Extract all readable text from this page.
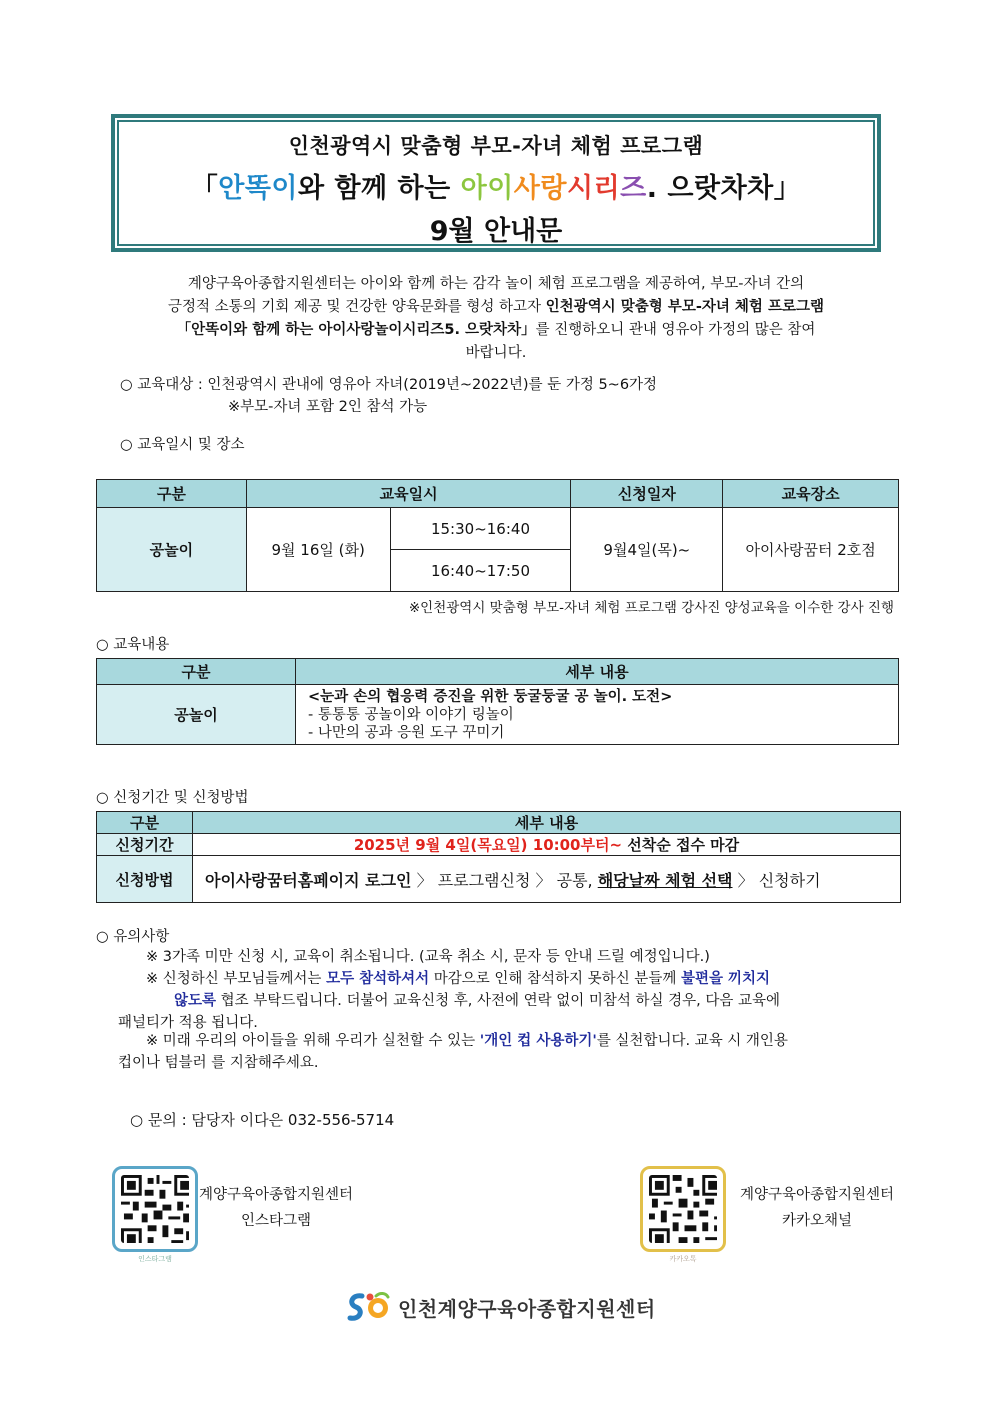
인천광역시 맞춤형 부모-자녀 체험 프로그램
「안똑이와 함께 하는 아이사랑시리즈. 으랏차차」
9월 안내문
계양구육아종합지원센터는 아이와 함께 하는 감각 놀이 체험 프로그램을 제공하여, 부모-자녀 간의
긍정적 소통의 기회 제공 및 건강한 양육문화를 형성 하고자 인천광역시 맞춤형 부모-자녀 체험 프로그램
「안똑이와 함께 하는 아이사랑놀이시리즈5. 으랏차차」를 진행하오니 관내 영유아 가정의 많은 참여
바랍니다.
○ 교육대상 : 인천광역시 관내에 영유아 자녀(2019년~2022년)를 둔 가정 5~6가정
※부모-자녀 포함 2인 참석 가능
○ 교육일시 및 장소
구분	교육일시		신청일자	교육장소
공놀이	9월 16일 (화)	15:30~16:40	9월4일(목)~	아이사랑꿈터 2호점
		16:40~17:50		
※인천광역시 맞춤형 부모-자녀 체험 프로그램 강사진 양성교육을 이수한 강사 진행
○ 교육내용
구분	세부 내용
공놀이	<눈과 손의 협응력 증진을 위한 둥굴둥굴 공 놀이. 도전>
- 통통통 공놀이와 이야기 링놀이
- 나만의 공과 응원 도구 꾸미기
○ 신청기간 및 신청방법
구분	세부 내용
신청기간	2025년 9월 4일(목요일) 10:00부터~ 선착순 접수 마감
신청방법	아이사랑꿈터홈페이지 로그인 〉 프로그램신청 〉 공통, 해당날짜 체험 선택 〉 신청하기
○ 유의사항
※ 3가족 미만 신청 시, 교육이 취소됩니다. (교육 취소 시, 문자 등 안내 드릴 예정입니다.)
※ 신청하신 부모님들께서는 모두 참석하셔서 마감으로 인해 참석하지 못하신 분들께 불편을 끼치지
않도록 협조 부탁드립니다. 더불어 교육신청 후, 사전에 연락 없이 미참석 하실 경우, 다음 교육에
패널티가 적용 됩니다.
※ 미래 우리의 아이들을 위해 우리가 실천할 수 있는 '개인 컵 사용하기'를 실천합니다. 교육 시 개인용
컵이나 텀블러 를 지참해주세요.
○ 문의 : 담당자 이다은 032-556-5714
인스타그램
계양구육아종합지원센터
인스타그램
카카오톡
계양구육아종합지원센터
카카오채널
인천계양구육아종합지원센터
